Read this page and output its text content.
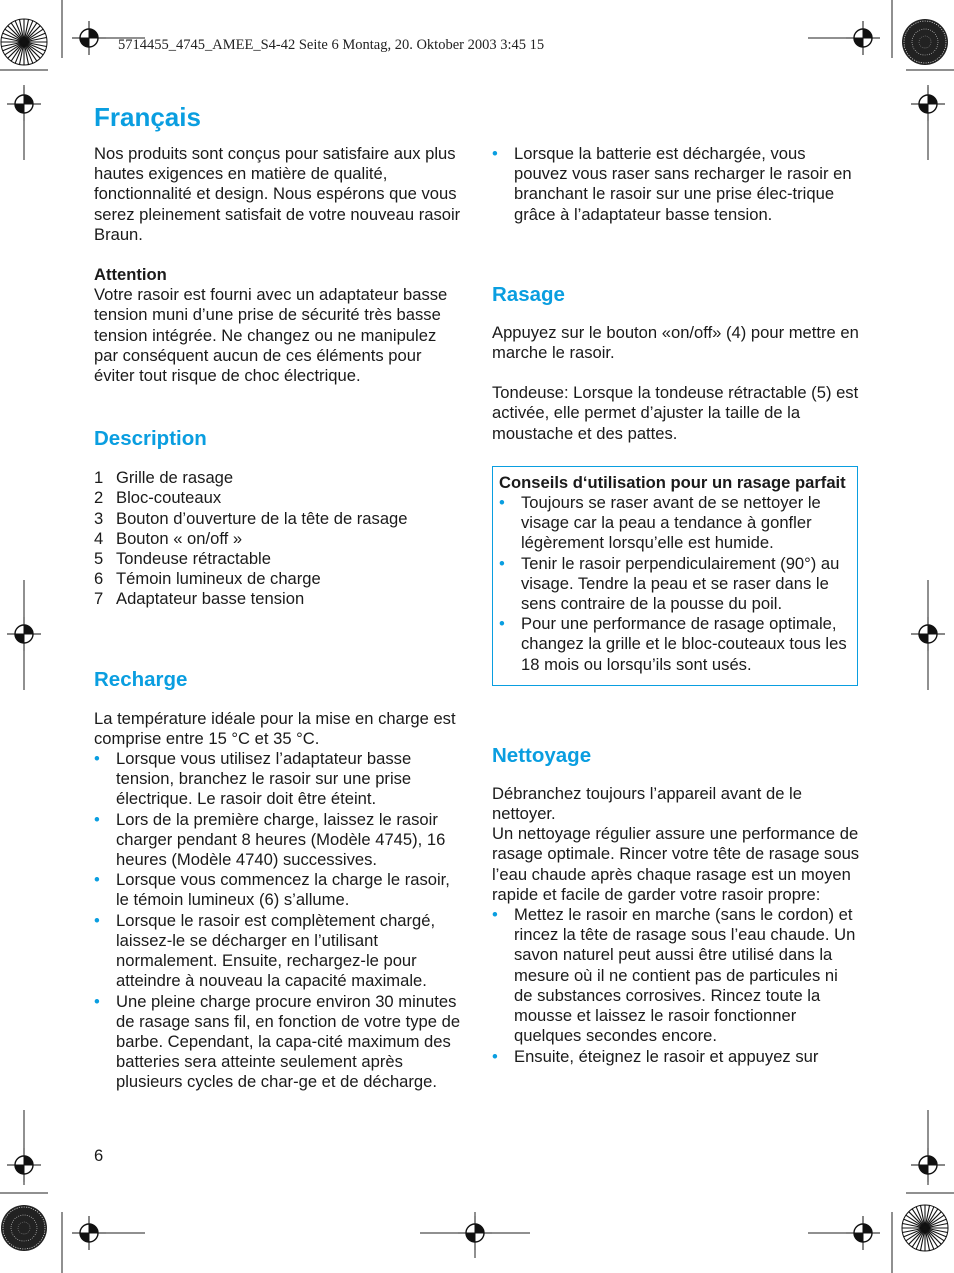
5714455_4745_AMEE_S4-42 Seite 6 Montag, 20. Oktober 2003 3:45 15
Français

Nos produits sont conçus pour satisfaire aux plus hautes exigences en matière de qualité, fonctionnalité et design. Nous espérons que vous serez pleinement satisfait de votre nouveau rasoir Braun.

Attention

Votre rasoir est fourni avec un adaptateur basse tension muni d’une prise de sécurité très basse tension intégrée. Ne changez ou ne manipulez par conséquent aucun de ces éléments pour éviter tout risque de choc électrique.

Description
1 Grille de rasage
2 Bloc-couteaux
3 Bouton d’ouverture de la tête de rasage
4 Bouton « on/off »
5 Tondeuse rétractable
6 Témoin lumineux de charge
7 Adaptateur basse tension
Recharge

La température idéale pour la mise en charge est comprise entre 15 °C et 35 °C.

• Lorsque vous utilisez l’adaptateur basse tension, branchez le rasoir sur une prise électrique. Le rasoir doit être éteint.
• Lors de la première charge, laissez le rasoir charger pendant 8 heures (Modèle 4745), 16 heures (Modèle 4740) successives.
• Lorsque vous commencez la charge le rasoir, le témoin lumineux (6) s’allume.
• Lorsque le rasoir est complètement chargé, laissez-le se décharger en l’utilisant normalement. Ensuite, rechargez-le pour atteindre à nouveau la capacité maximale.
• Une pleine charge procure environ 30 minutes de rasage sans fil, en fonction de votre type de barbe. Cependant, la capa-cité maximum des batteries sera atteinte seulement après plusieurs cycles de char-ge et de décharge.
• Lorsque la batterie est déchargée, vous pouvez vous raser sans recharger le rasoir en branchant le rasoir sur une prise élec-trique grâce à l’adaptateur basse tension.
Rasage

Appuyez sur le bouton «on/off» (4) pour mettre en marche le rasoir.

Tondeuse: Lorsque la tondeuse rétractable (5) est activée, elle permet d’ajuster la taille de la moustache et des pattes.

Conseils d‘utilisation pour un rasage parfait

• Toujours se raser avant de se nettoyer le visage car la peau a tendance à gonfler légèrement lorsqu’elle est humide.
• Tenir le rasoir perpendiculairement (90°) au visage. Tendre la peau et se raser dans le sens contraire de la pousse du poil.
• Pour une performance de rasage optimale, changez la grille et le bloc-couteaux tous les 18 mois ou lorsqu’ils sont usés.
Nettoyage

Débranchez toujours l’appareil avant de le nettoyer.

Un nettoyage régulier assure une performance de rasage optimale. Rincer votre tête de rasage sous l’eau chaude après chaque rasage est un moyen rapide et facile de garder votre rasoir propre:

• Mettez le rasoir en marche (sans le cordon) et rincez la tête de rasage sous l’eau chaude. Un savon naturel peut aussi être utilisé dans la mesure où il ne contient pas de particules ni de substances corrosives. Rincez toute la mousse et laissez le rasoir fonctionner quelques secondes encore.
• Ensuite, éteignez le rasoir et appuyez sur
6
